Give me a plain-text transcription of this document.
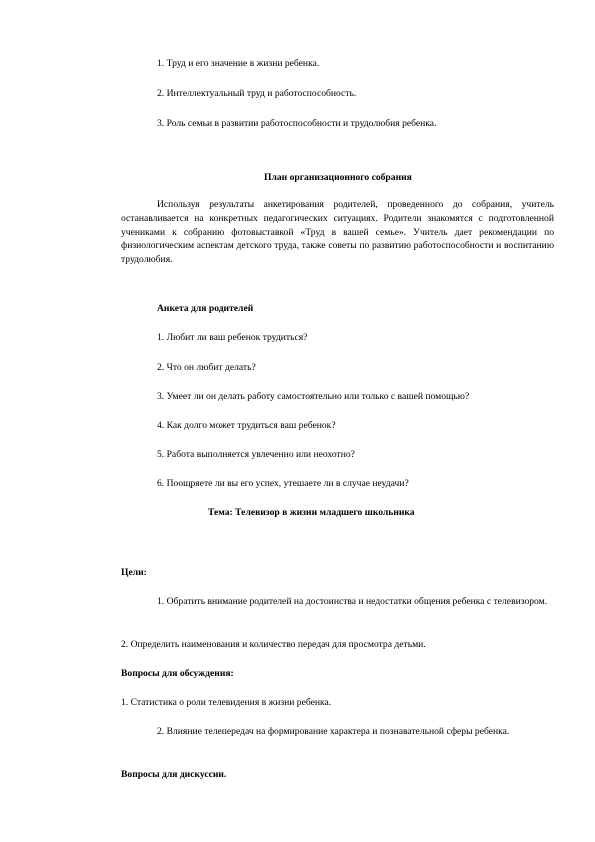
1. Труд и его значение в жизни ребенка.
2. Интеллектуальный труд и работоспособность.
3. Роль семьи в развитии работоспособности и трудолюбия ребенка.
План организационного собрания
Используя результаты анкетирования родителей, проведенного до собрания, учитель останавливается на конкретных педагогических ситуациях. Родители знакомятся с подготовленной учениками к собранию фотовыставкой «Труд в вашей семье». Учитель дает рекомендации по физиологическим аспектам детского труда, также советы по развитию работоспособности и воспитанию трудолюбия.
Анкета для родителей
1. Любит ли ваш ребенок трудиться?
2. Что он любит делать?
3. Умеет ли он делать работу самостоятельно или только с вашей помощью?
4. Как долго может трудиться ваш ребенок?
5. Работа выполняется увлеченно или неохотно?
6. Поощряете ли вы его успех, утешаете ли в случае неудачи?
Тема: Телевизор в жизни младшего школьника
Цели:
1. Обратить внимание родителей на достоинства и недостатки общения ребенка с телевизором.
2. Определить наименования и количество передач для просмотра детьми.
Вопросы для обсуждения:
1. Статистика о роли телевидения в жизни ребенка.
2. Влияние телепередач на формирование характера и познавательной сферы ребенка.
Вопросы для дискуссии.
